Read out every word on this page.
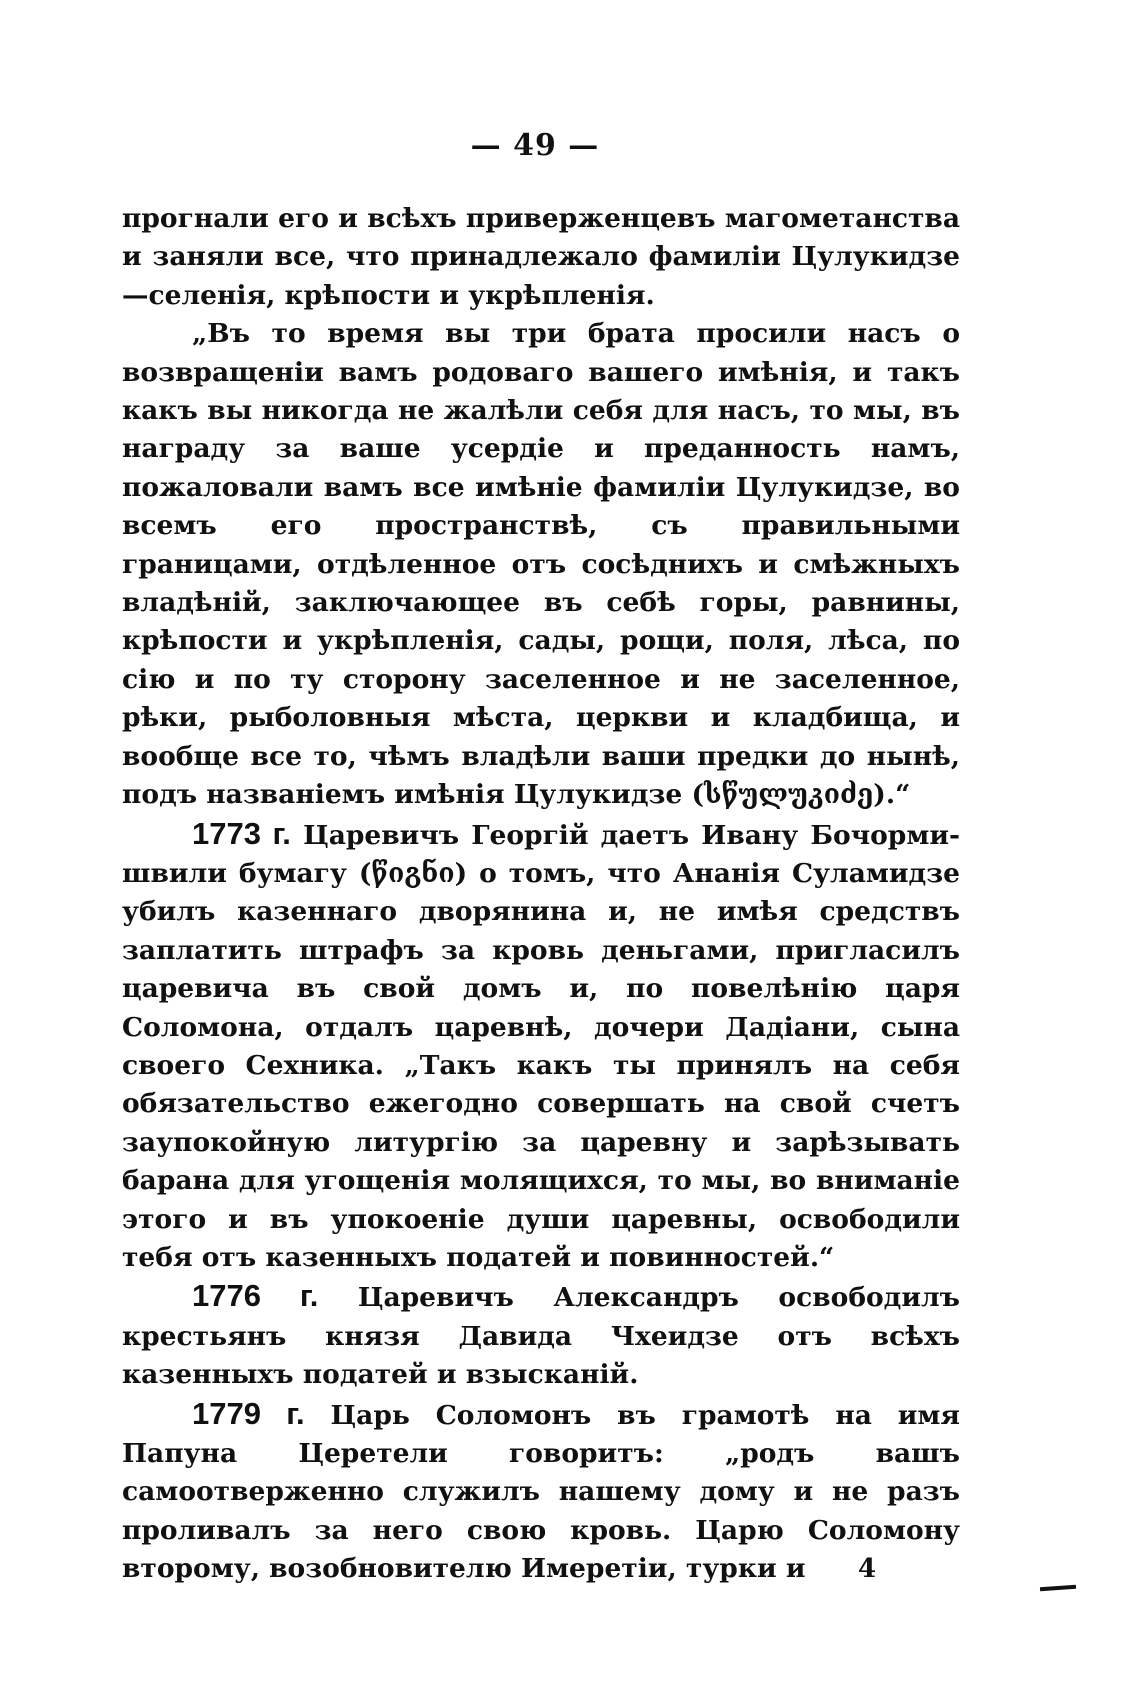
— 49 —

прогнали его и всѣхъ приверженцевъ магометанства и заняли все, что принадлежало фамиліи Цулукидзе—селенія, крѣпости и укрѣпленія.

„Въ то время вы три брата просили насъ о возвращеніи вамъ родоваго вашего имѣнія, и такъ какъ вы никогда не жалѣли себя для насъ, то мы, въ награду за ваше усердіе и преданность намъ, пожаловали вамъ все имѣніе фамиліи Цулукидзе, во всемъ его пространствѣ, съ правильными границами, отдѣленное отъ сосѣднихъ и смѣжныхъ владѣній, заключающее въ себѣ горы, равнины, крѣпости и укрѣпленія, сады, рощи, поля, лѣса, по сію и по ту сторону заселенное и не заселенное, рѣки, рыболовныя мѣста, церкви и кладбища, и вообще все то, чѣмъ владѣли ваши предки до нынѣ, подъ названіемъ имѣнія Цулукидзе (სწულუკიძე).“

1773 г. Царевичъ Георгій даетъ Ивану Бочорми-швили бумагу (წიგნი) о томъ, что Ананія Суламидзе убилъ казеннаго дворянина и, не имѣя средствъ заплатить штрафъ за кровь деньгами, пригласилъ царевича въ свой домъ и, по повелѣнію царя Соломона, отдалъ царевнѣ, дочери Дадіани, сына своего Сехника. „Такъ какъ ты принялъ на себя обязательство ежегодно совершать на свой счетъ заупокойную литургію за царевну и зарѣзывать барана для угощенія молящихся, то мы, во вниманіе этого и въ упокоеніе души царевны, освободили тебя отъ казенныхъ податей и повинностей.“

1776 г. Царевичъ Александръ освободилъ крестьянъ князя Давида Чхеидзе отъ всѣхъ казенныхъ податей и взысканій.

1779 г. Царь Соломонъ въ грамотѣ на имя Папуна Церетели говоритъ: „родъ вашъ самоотверженно служилъ нашему дому и не разъ проливалъ за него свою кровь. Царю Соломону второму, возобновителю Имеретіи, турки и	4
